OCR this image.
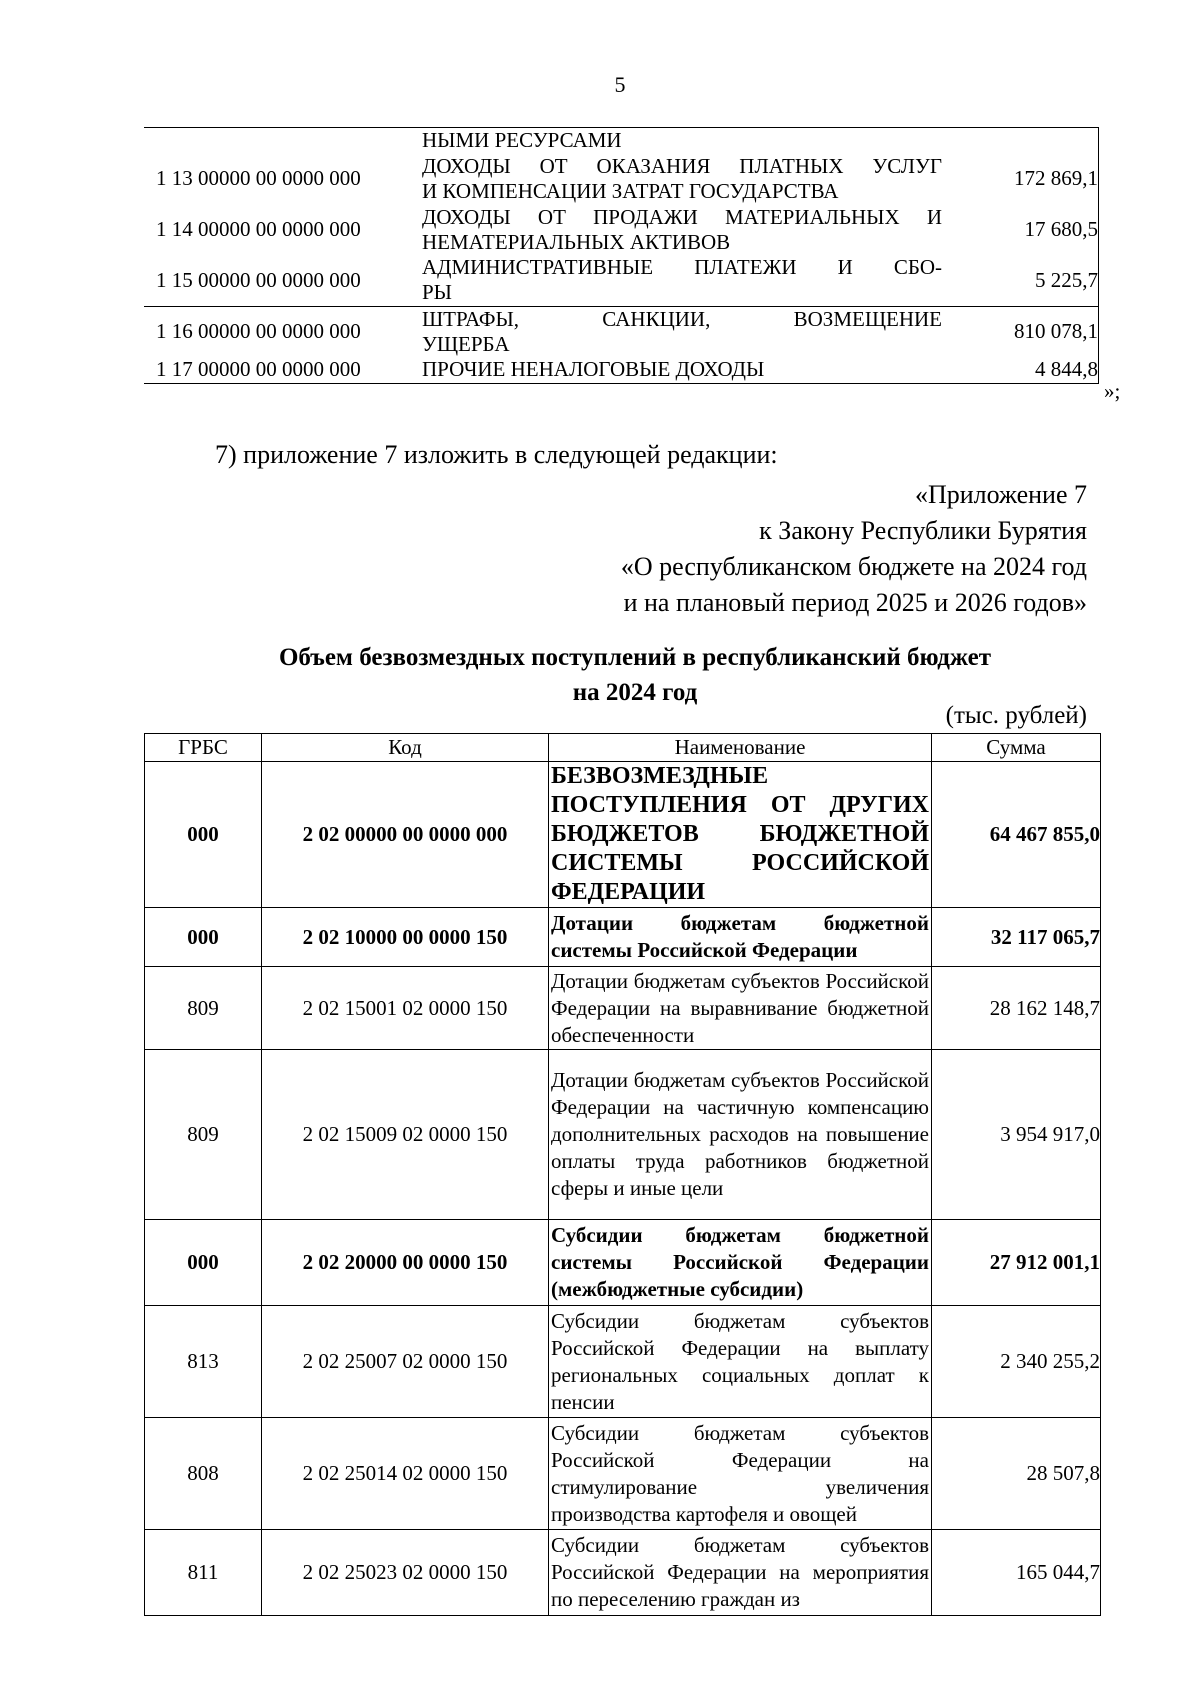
5
	НЫМИ РЕСУРСАМИ	
1 13 00000 00 0000 000	ДОХОДЫ ОТ ОКАЗАНИЯ ПЛАТНЫХ УСЛУГ
И КОМПЕНСАЦИИ ЗАТРАТ ГОСУДАРСТВА	172 869,1
1 14 00000 00 0000 000	ДОХОДЫ ОТ ПРОДАЖИ МАТЕРИАЛЬНЫХ И
НЕМАТЕРИАЛЬНЫХ АКТИВОВ	17 680,5
1 15 00000 00 0000 000	АДМИНИСТРАТИВНЫЕ ПЛАТЕЖИ И СБО-
РЫ	5 225,7
1 16 00000 00 0000 000	ШТРАФЫ, САНКЦИИ, ВОЗМЕЩЕНИЕ
УЩЕРБА	810 078,1
1 17 00000 00 0000 000	ПРОЧИЕ НЕНАЛОГОВЫЕ ДОХОДЫ	4 844,8
»;
7) приложение 7 изложить в следующей редакции:
«Приложение 7
к Закону Республики Бурятия
«О республиканском бюджете на 2024 год
и на плановый период 2025 и 2026 годов»
Объем безвозмездных поступлений в республиканский бюджет
на 2024 год
(тыс. рублей)
ГРБС	Код	Наименование	Сумма
000	2 02 00000 00 0000 000	БЕЗВОЗМЕЗДНЫЕ ПОСТУПЛЕНИЯ ОТ ДРУГИХ БЮДЖЕТОВ БЮДЖЕТНОЙ СИСТЕМЫ РОССИЙСКОЙ ФЕДЕРАЦИИ	64 467 855,0
000	2 02 10000 00 0000 150	Дотации бюджетам бюджетной системы Российской Федерации	32 117 065,7
809	2 02 15001 02 0000 150	Дотации бюджетам субъектов Российской Федерации на выравнивание бюджетной обеспеченности	28 162 148,7
809	2 02 15009 02 0000 150	Дотации бюджетам субъектов Российской Федерации на частичную компенсацию дополнительных расходов на повышение оплаты труда работников бюджетной сферы и иные цели	3 954 917,0
000	2 02 20000 00 0000 150	Субсидии бюджетам бюджетной системы Российской Федерации (межбюджетные субсидии)	27 912 001,1
813	2 02 25007 02 0000 150	Субсидии бюджетам субъектов Российской Федерации на выплату региональных социальных доплат к пенсии	2 340 255,2
808	2 02 25014 02 0000 150	Субсидии бюджетам субъектов Российской Федерации на стимулирование увеличения производства картофеля и овощей	28 507,8
811	2 02 25023 02 0000 150	Субсидии бюджетам субъектов Российской Федерации на мероприятия по переселению граждан из	165 044,7
